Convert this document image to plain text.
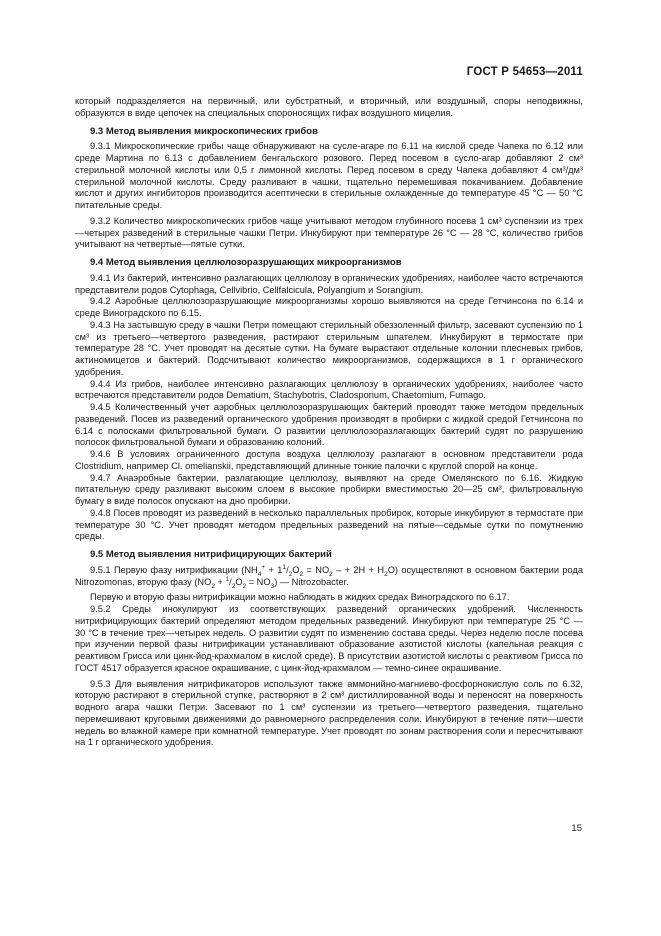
ГОСТ Р 54653—2011

который подразделяется на первичный, или субстратный, и вторичный, или воздушный, споры неподвижны, образуются в виде цепочек на специальных спороносящих гифах воздушного мицелия.

9.3 Метод выявления микроскопических грибов

9.3.1 Микроскопические грибы чаще обнаруживают на сусле-агаре по 6.11 на кислой среде Чапека по 6.12 или среде Мартина по 6.13 с добавлением бенгальского розового. Перед посевом в сусло-агар добавляют 2 см³ стерильной молочной кислоты или 0,5 г лимонной кислоты. Перед посевом в среду Чапека добавляют 4 см³/дм³ стерильной молочной кислоты. Среду разливают в чашки, тщательно перемешивая покачиванием. Добавление кислот и других ингибиторов производится асептически в стерильные охлажденные до температуре 45 °С — 50 °С питательные среды.

9.3.2 Количество микроскопических грибов чаще учитывают методом глубинного посева 1 см³ суспензии из трех—четырех разведений в стерильные чашки Петри. Инкубируют при температуре 26 °С — 28 °С, количество грибов учитывают на четвертые—пятые сутки.

9.4 Метод выявления целлюлозоразрушающих микроорганизмов

9.4.1 Из бактерий, интенсивно разлагающих целлюлозу в органических удобрениях, наиболее часто встречаются представители родов Cytophaga, Cellvibrio, Cellfalcicula, Polyangium и Sorangium.

9.4.2 Аэробные целлюлозоразрушающие микроорганизмы хорошо выявляются на среде Гетчинсона по 6.14 и среде Виноградского по 6.15.

9.4.3 На застывшую среду в чашки Петри помещают стерильный обеззоленный фильтр, засевают суспензию по 1 см³ из третьего—четвертого разведения, растирают стерильным шпателем. Инкубируют в термостате при температуре 28 °С. Учет проводят на десятые сутки. На бумаге вырастают отдельные колонии плесневых грибов, актиномицетов и бактерий. Подсчитывают количество микроорганизмов, содержащихся в 1 г органического удобрения.

9.4.4 Из грибов, наиболее интенсивно разлагающих целлюлозу в органических удобрениях, наиболее часто встречаются представители родов Dematium, Stachybotris, Cladosporium, Chaetomium, Fumago.

9.4.5 Количественный учет аэробных целлюлозоразрушающих бактерий проводят также методом предельных разведений. Посев из разведений органического удобрения производят в пробирки с жидкой средой Гетчинсона по 6.14 с полосками фильтровальной бумаги. О развитии целлюлозоразлагающих бактерий судят по разрушению полосок фильтровальной бумаги и образованию колоний.

9.4.6 В условиях ограниченного доступа воздуха целлюлозу разлагают в основном представители рода Clostridium, например Cl. omelianskii, представляющий длинные тонкие палочки с круглой спорой на конце.

9.4.7 Анаэробные бактерии, разлагающие целлюлозу, выявляют на среде Омелянского по 6.16. Жидкую питательную среду разливают высоким слоем в высокие пробирки вместимостью 20—25 см³, фильтровальную бумагу в виде полосок опускают на дно пробирки.

9.4.8 Посев проводят из разведений в несколько параллельных пробирок, которые инкубируют в термостате при температуре 30 °С. Учет проводят методом предельных разведений на пятые—седьмые сутки по помутнению среды.

9.5 Метод выявления нитрифицирующих бактерий

9.5.1 Первую фазу нитрификации ($NH_4^+ + 1^1/_2O_2 = NO_2$ – + $2H + H_2O$) осуществляют в основном бактерии рода Nitrozomonas, вторую фазу $(NO_2 + ^1/_2O_2 = NO_3)$ — Nitrozobacter.

Первую и вторую фазы нитрификации можно наблюдать в жидких средах Виноградского по 6.17.

9.5.2 Среды инокулируют из соответствующих разведений органических удобрений. Численность нитрифицирующих бактерий определяют методом предельных разведений. Инкубируют при температуре 25 °С — 30 °С в течение трех—четырех недель. О развитии судят по изменению состава среды. Через неделю после посева при изучении первой фазы нитрификации устанавливают образование азотистой кислоты (капельная реакция с реактивом Грисса или цинк-йод-крахмалом в кислой среде). В присутствии азотистой кислоты с реактивом Грисса по ГОСТ 4517 образуется красное окрашивание, с цинк-йод-крахмалом — темно-синее окрашивание.

9.5.3 Для выявления нитрификаторов используют также аммонийно-магниево-фосфорнокислую соль по 6.32, которую растирают в стерильной ступке, растворяют в 2 см³ дистиллированной воды и переносят на поверхность водного агара чашки Петри. Засевают по 1 см³ суспензии из третьего—четвертого разведения, тщательно перемешивают круговыми движениями до равномерного распределения соли. Инкубируют в течение пяти—шести недель во влажной камере при комнатной температуре. Учет проводят по зонам растворения соли и пересчитывают на 1 г органического удобрения.

15
